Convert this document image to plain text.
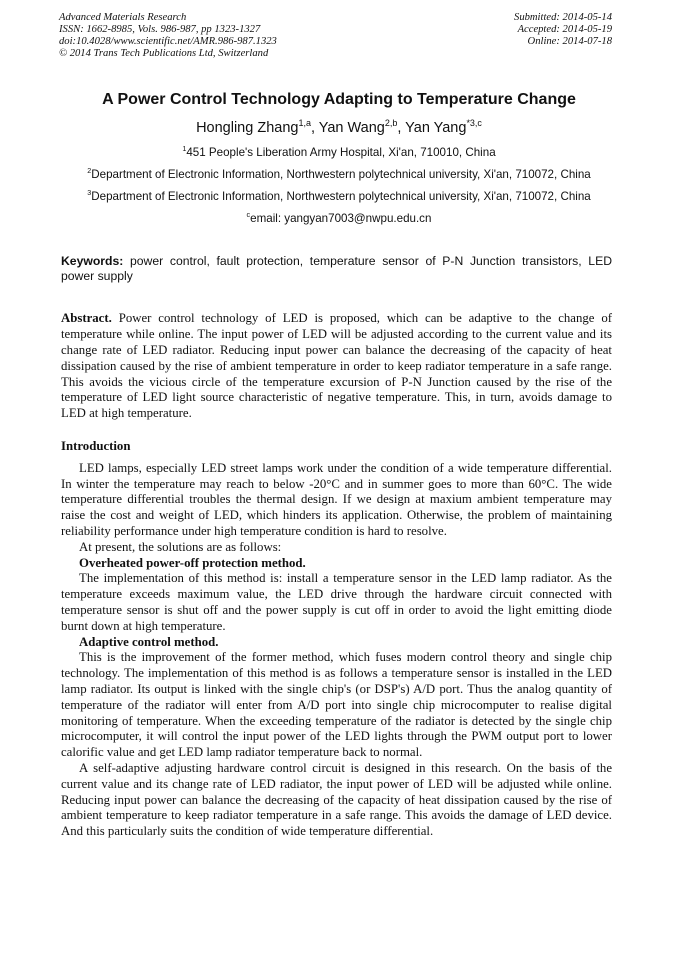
Advanced Materials Research
ISSN: 1662-8985, Vols. 986-987, pp 1323-1327
doi:10.4028/www.scientific.net/AMR.986-987.1323
© 2014 Trans Tech Publications Ltd, Switzerland
Submitted: 2014-05-14
Accepted: 2014-05-19
Online: 2014-07-18
A Power Control Technology Adapting to Temperature Change
Hongling Zhang$^{1,a}$, Yan Wang$^{2,b}$, Yan Yang$^{*3,c}$
$^1$451 People's Liberation Army Hospital, Xi'an, 710010, China
$^2$Department of Electronic Information, Northwestern polytechnical university, Xi'an, 710072, China
$^3$Department of Electronic Information, Northwestern polytechnical university, Xi'an, 710072, China
$^c$email: yangyan7003@nwpu.edu.cn

Keywords: power control, fault protection, temperature sensor of P-N Junction transistors, LED power supply

Abstract. Power control technology of LED is proposed, which can be adaptive to the change of temperature while online. The input power of LED will be adjusted according to the current value and its change rate of LED radiator. Reducing input power can balance the decreasing of the capacity of heat dissipation caused by the rise of ambient temperature in order to keep radiator temperature in a safe range. This avoids the vicious circle of the temperature excursion of P-N Junction caused by the rise of the temperature of LED light source characteristic of negative temperature. This, in turn, avoids damage to LED at high temperature.

Introduction

LED lamps, especially LED street lamps work under the condition of a wide temperature differential. In winter the temperature may reach to below -20°C and in summer goes to more than 60°C. The wide temperature differential troubles the thermal design. If we design at maxium ambient temperature may raise the cost and weight of LED, which hinders its application. Otherwise, the problem of maintaining reliability performance under high temperature condition is hard to resolve.

At present, the solutions are as follows:

Overheated power-off protection method.

The implementation of this method is: install a temperature sensor in the LED lamp radiator. As the temperature exceeds maximum value, the LED drive through the hardware circuit connected with temperature sensor is shut off and the power supply is cut off in order to avoid the light emitting diode burnt down at high temperature.

Adaptive control method.

This is the improvement of the former method, which fuses modern control theory and single chip technology. The implementation of this method is as follows a temperature sensor is installed in the LED lamp radiator. Its output is linked with the single chip's (or DSP's) A/D port. Thus the analog quantity of temperature of the radiator will enter from A/D port into single chip microcomputer to realise digital monitoring of temperature. When the exceeding temperature of the radiator is detected by the single chip microcomputer, it will control the input power of the LED lights through the PWM output port to lower calorific value and get LED lamp radiator temperature back to normal.

A self-adaptive adjusting hardware control circuit is designed in this research. On the basis of the current value and its change rate of LED radiator, the input power of LED will be adjusted while online. Reducing input power can balance the decreasing of the capacity of heat dissipation caused by the rise of ambient temperature to keep radiator temperature in a safe range. This avoids the damage of LED device. And this particularly suits the condition of wide temperature differential.
